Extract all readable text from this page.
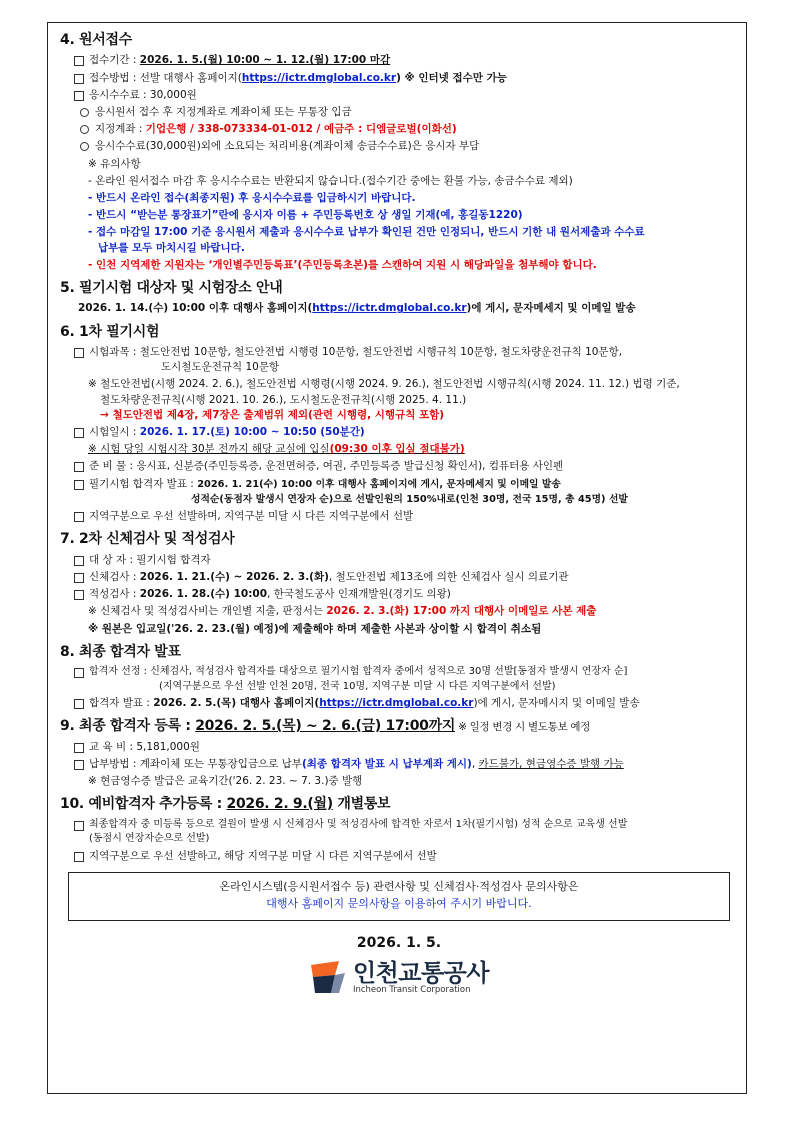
4. 원서접수
접수기간 : 2026. 1. 5.(월) 10:00 ~ 1. 12.(월) 17:00 마감
접수방법 : 선발 대행사 홈페이지(https://ictr.dmglobal.co.kr) ※ 인터넷 접수만 가능
응시수수료 : 30,000원
응시원서 접수 후 지정계좌로 계좌이체 또는 무통장 입금
지정계좌 : 기업은행 / 338-073334-01-012 / 예금주 : 디엠글로벌(이화선)
응시수수료(30,000원)외에 소요되는 처리비용(계좌이체 송금수수료)은 응시자 부담
※ 유의사항
- 온라인 원서접수 마감 후 응시수수료는 반환되지 않습니다.(접수기간 중에는 환불 가능, 송금수수료 제외)
- 반드시 온라인 접수(최종지원) 후 응시수수료를 입금하시기 바랍니다.
- 반드시 “받는분 통장표기”란에 응시자 이름 + 주민등록번호 상 생일 기재(예, 홍길동1220)
- 접수 마감일 17:00 기준 응시원서 제출과 응시수수료 납부가 확인된 건만 인정되니, 반드시 기한 내 원서제출과 수수료
납부를 모두 마치시길 바랍니다.
- 인천 지역제한 지원자는 ‘개인별주민등록표’(주민등록초본)를 스캔하여 지원 시 해당파일을 첨부해야 합니다.
5. 필기시험 대상자 및 시험장소 안내
2026. 1. 14.(수) 10:00 이후 대행사 홈페이지(https://ictr.dmglobal.co.kr)에 게시, 문자메세지 및 이메일 발송
6. 1차 필기시험
시험과목 : 철도안전법 10문항, 철도안전법 시행령 10문항, 철도안전법 시행규칙 10문항, 철도차량운전규칙 10문항,
도시철도운전규칙 10문항
※ 철도안전법(시행 2024. 2. 6.), 철도안전법 시행령(시행 2024. 9. 26.), 철도안전법 시행규칙(시행 2024. 11. 12.) 법령 기준,
철도차량운전규칙(시행 2021. 10. 26.), 도시철도운전규칙(시행 2025. 4. 11.)
→ 철도안전법 제4장, 제7장은 출제범위 제외(관련 시행령, 시행규칙 포함)
시험일시 : 2026. 1. 17.(토) 10:00 ~ 10:50 (50분간)
※ 시험 당일 시험시작 30분 전까지 해당 교실에 입실(09:30 이후 입실 절대불가)
준 비 물 : 응시표, 신분증(주민등록증, 운전면허증, 여권, 주민등록증 발급신청 확인서), 컴퓨터용 사인펜
필기시험 합격자 발표 : 2026. 1. 21(수) 10:00 이후 대행사 홈페이지에 게시, 문자메세지 및 이메일 발송
성적순(동점자 발생시 연장자 순)으로 선발인원의 150%내로(인천 30명, 전국 15명, 총 45명) 선발
지역구분으로 우선 선발하며, 지역구분 미달 시 다른 지역구분에서 선발
7. 2차 신체검사 및 적성검사
대 상 자 : 필기시험 합격자
신체검사 : 2026. 1. 21.(수) ~ 2026. 2. 3.(화), 철도안전법 제13조에 의한 신체검사 실시 의료기관
적성검사 : 2026. 1. 28.(수) 10:00, 한국철도공사 인재개발원(경기도 의왕)
※ 신체검사 및 적성검사비는 개인별 지출, 판정서는 2026. 2. 3.(화) 17:00 까지 대행사 이메일로 사본 제출
※ 원본은 입교일('26. 2. 23.(월) 예정)에 제출해야 하며 제출한 사본과 상이할 시 합격이 취소됨
8. 최종 합격자 발표
합격자 선정 : 신체검사, 적성검사 합격자를 대상으로 필기시험 합격자 중에서 성적으로 30명 선발[동점자 발생시 연장자 순]
(지역구분으로 우선 선발 인천 20명, 전국 10명, 지역구분 미달 시 다른 지역구분에서 선발)
합격자 발표 : 2026. 2. 5.(목) 대행사 홈페이지(https://ictr.dmglobal.co.kr)에 게시, 문자메시지 및 이메일 발송
9. 최종 합격자 등록 : 2026. 2. 5.(목) ~ 2. 6.(금) 17:00까지 ※ 일정 변경 시 별도통보 예정
교 육 비 : 5,181,000원
납부방법 : 계좌이체 또는 무통장입금으로 납부(최종 합격자 발표 시 납부계좌 게시), 카드불가, 현금영수증 발행 가능
※ 현금영수증 발급은 교육기간('26. 2. 23. ~ 7. 3.)중 발행
10. 예비합격자 추가등록 : 2026. 2. 9.(월) 개별통보
최종합격자 중 미등록 등으로 결원이 발생 시 신체검사 및 적성검사에 합격한 자로서 1차(필기시험) 성적 순으로 교육생 선발
(동점시 연장자순으로 선발)
지역구분으로 우선 선발하고, 해당 지역구분 미달 시 다른 지역구분에서 선발
온라인시스템(응시원서접수 등) 관련사항 및 신체검사·적성검사 문의사항은
대행사 홈페이지 문의사항을 이용하여 주시기 바랍니다.
2026. 1. 5.
인천교통공사
Incheon Transit Corporation
